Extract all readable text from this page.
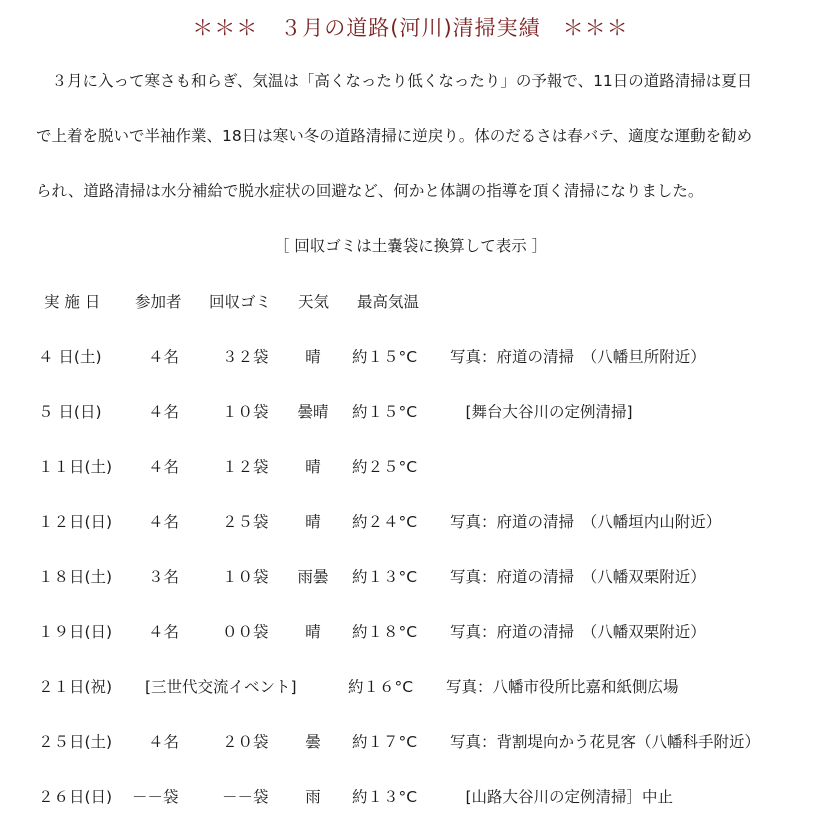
＊＊＊　３月の道路(河川)清掃実績　＊＊＊
　３月に入って寒さも和らぎ、気温は「高くなったり低くなったり」の予報で、11日の道路清掃は夏日
で上着を脱いで半袖作業、18日は寒い冬の道路清掃に逆戻り。体のだるさは春バテ、適度な運動を勧め
られ、道路清掃は水分補給で脱水症状の回避など、何かと体調の指導を頂く清掃になりました。
［ 回収ゴミは土嚢袋に換算して表示 ］
実 施 日 参加者 回収ゴミ 天気 最高気温
４ 日(土)	４名	３２袋	晴	約１５°C 写真：府道の清掃　（八幡旦所附近）
５ 日(日)	４名	１０袋 曇晴 約１５°C 　[舞台大谷川の定例清掃]
１１日(土) ４名	１２袋	晴	約２５°C
１２日(日) ４名	２５袋	晴	約２４°C 写真：府道の清掃　（八幡垣内山附近）
１８日(土) ３名	１０袋 雨曇 約１３°C 写真：府道の清掃　（八幡双栗附近）
１９日(日) ４名	００袋	晴	約１８°C 写真：府道の清掃　（八幡双栗附近）
２１日(祝) [三世代交流イベント]	約１６°C 写真：八幡市役所比嘉和紙側広場
２５日(土) ４名	２０袋	曇	約１７°C 写真：背割堤向かう花見客（八幡科手附近）
２６日(日) －－袋	－－袋	雨	約１３°C 　[山路大谷川の定例清掃］中止
